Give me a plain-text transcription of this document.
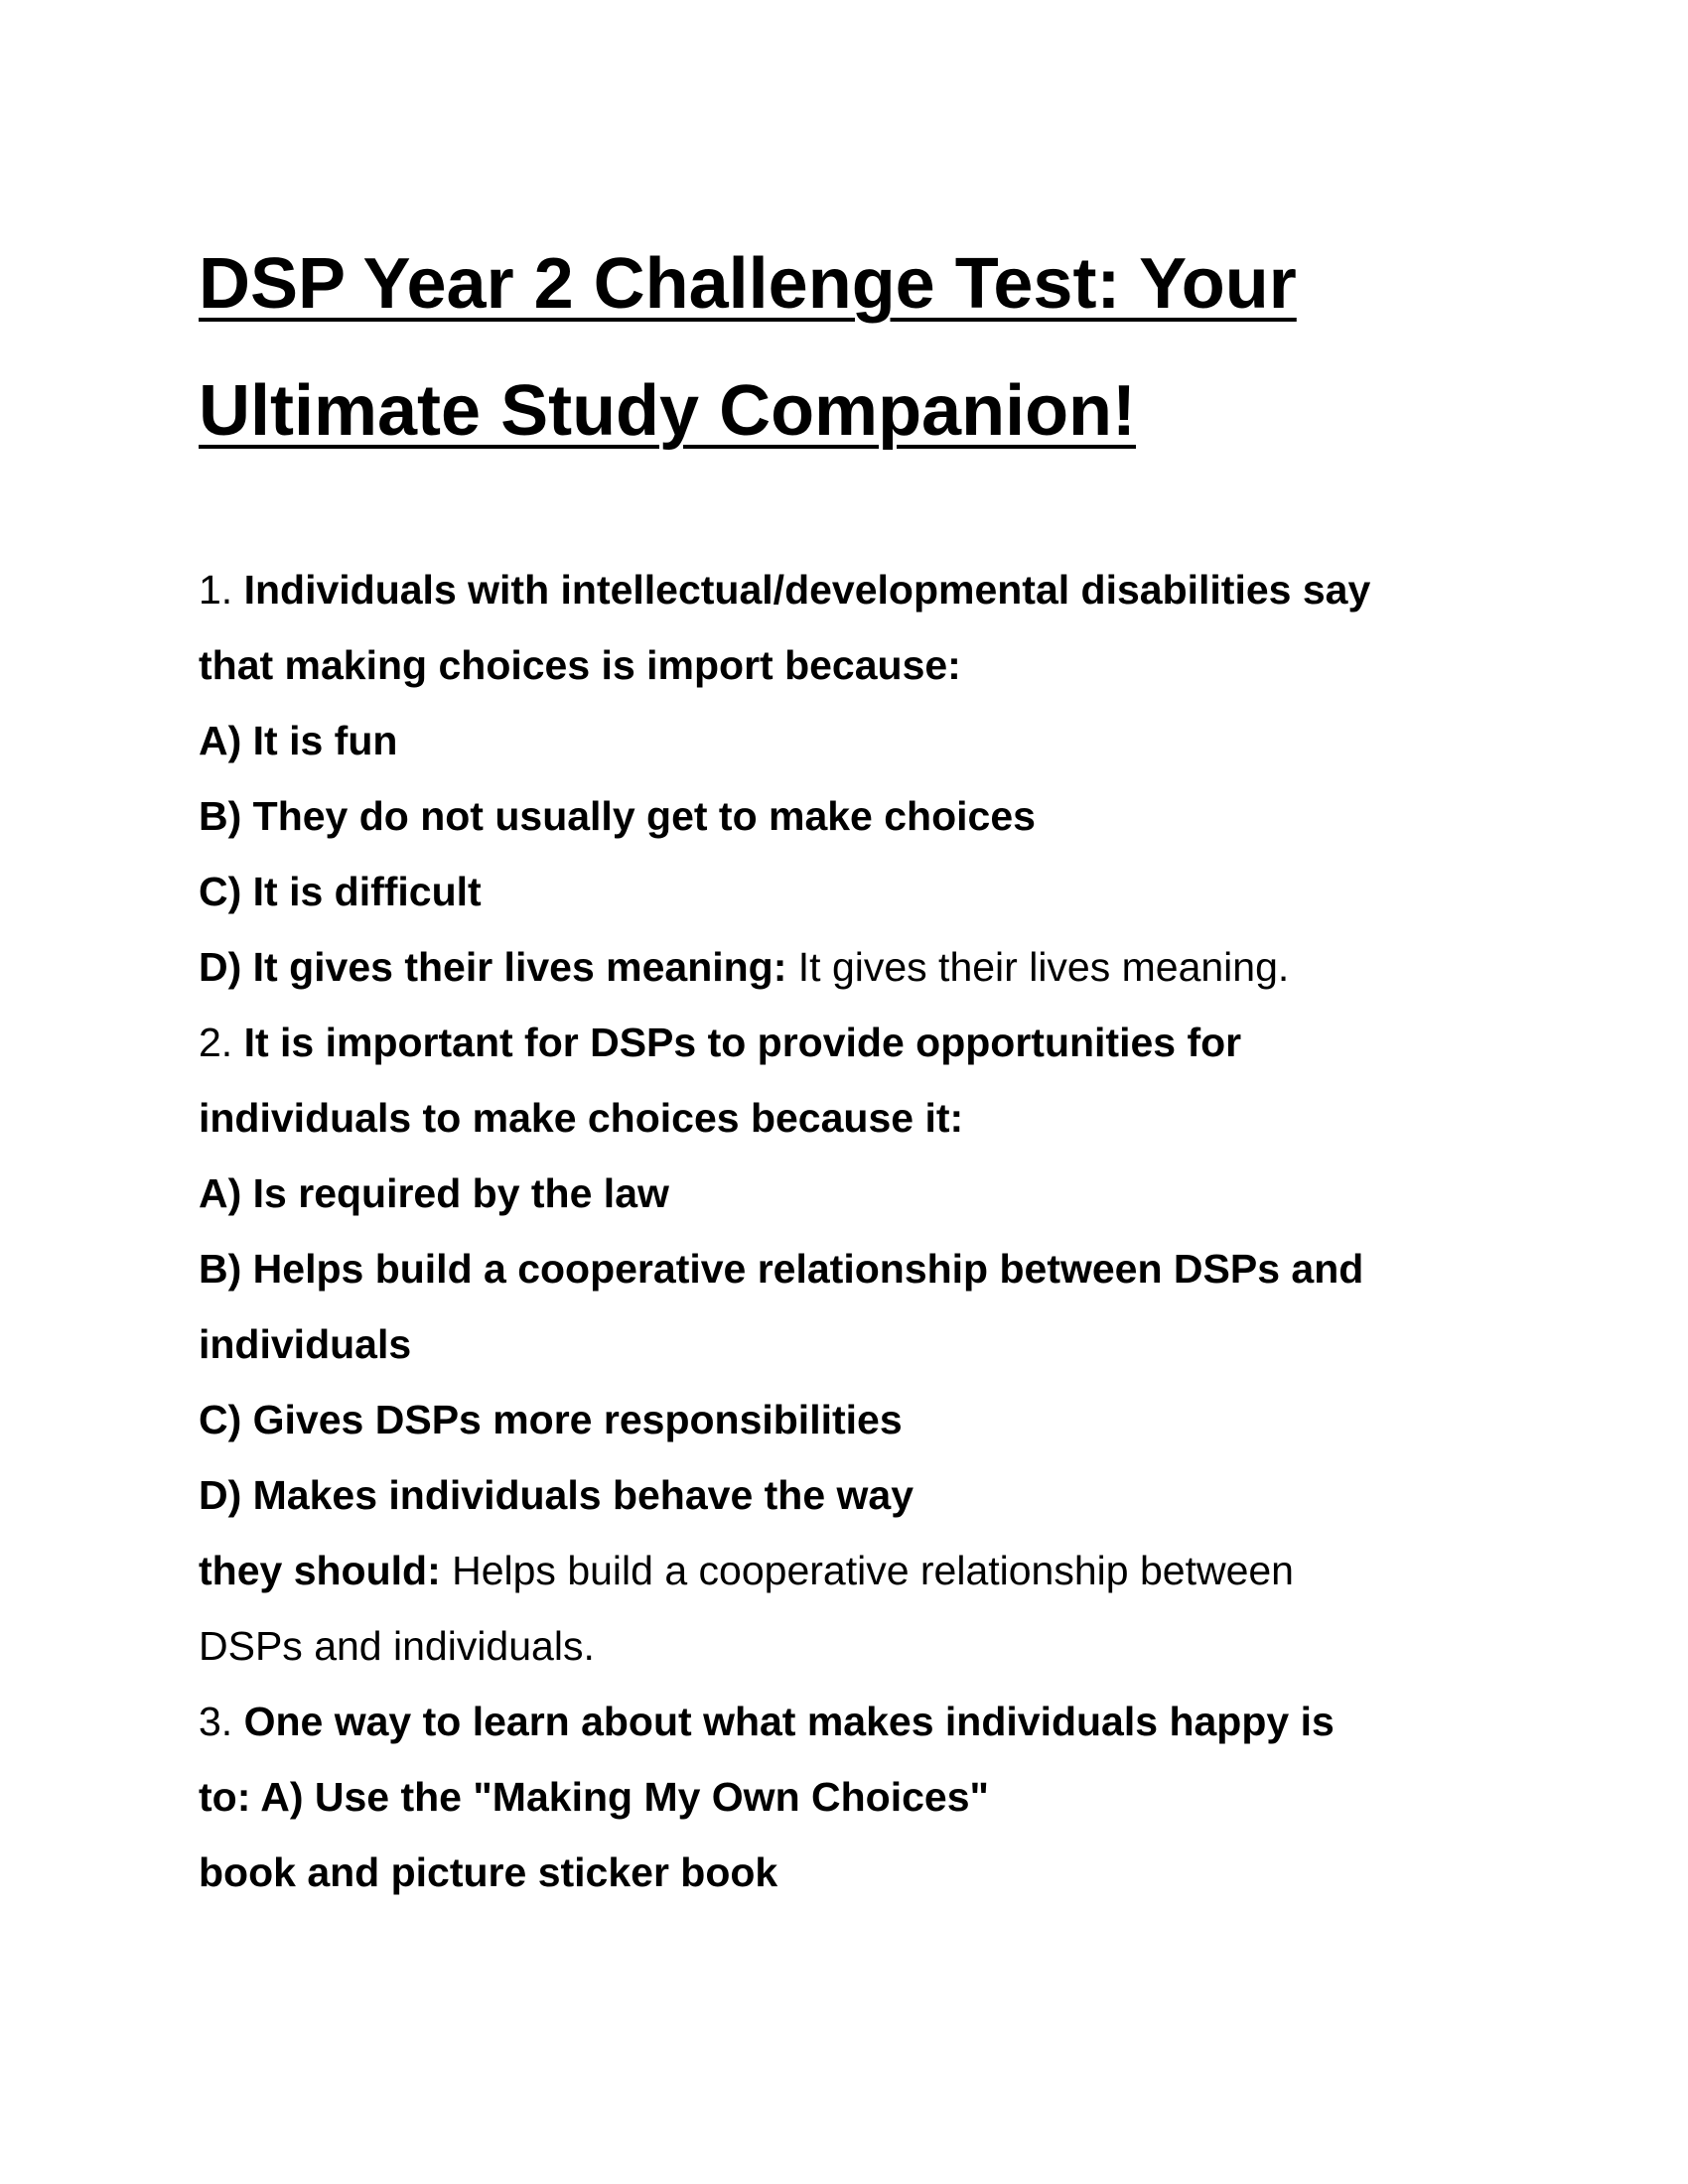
DSP Year 2 Challenge Test: Your
Ultimate Study Companion!
1. Individuals with intellectual/developmental disabilities say
that making choices is import because:
A) It is fun
B) They do not usually get to make choices
C) It is difficult
D) It gives their lives meaning: It gives their lives meaning.
2. It is important for DSPs to provide opportunities for
individuals to make choices because it:
A) Is required by the law
B) Helps build a cooperative relationship between DSPs and
individuals
C) Gives DSPs more responsibilities
D) Makes individuals behave the way
they should: Helps build a cooperative relationship between
DSPs and individuals.
3. One way to learn about what makes individuals happy is
to: A) Use the "Making My Own Choices"
book and picture sticker book
